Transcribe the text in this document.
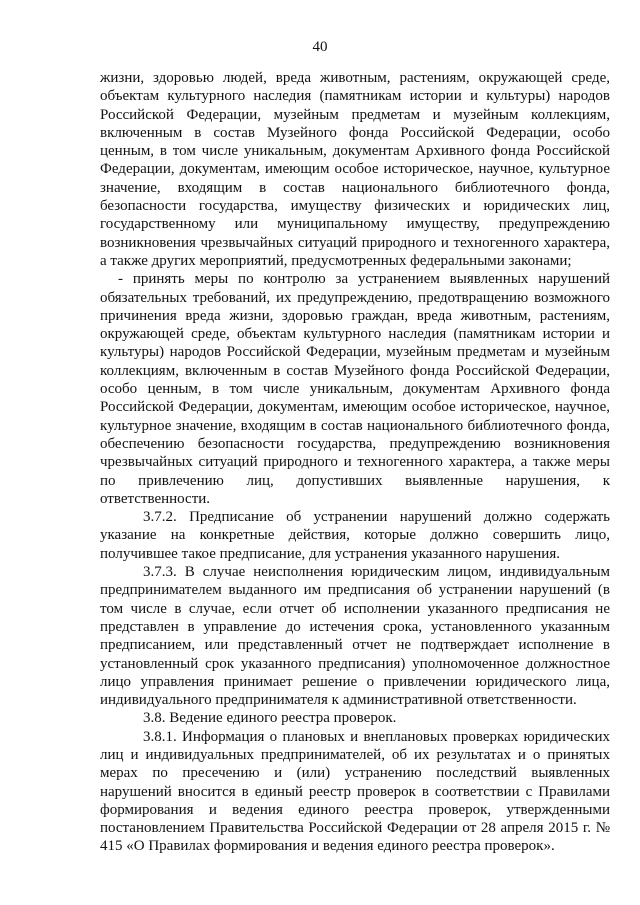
40

жизни, здоровью людей, вреда животным, растениям, окружающей среде, объектам культурного наследия (памятникам истории и культуры) народов Российской Федерации, музейным предметам и музейным коллекциям, включенным в состав Музейного фонда Российской Федерации, особо ценным, в том числе уникальным, документам Архивного фонда Российской Федерации, документам, имеющим особое историческое, научное, культурное значение, входящим в состав национального библиотечного фонда, безопасности государства, имуществу физических и юридических лиц, государственному или муниципальному имуществу, предупреждению возникновения чрезвычайных ситуаций природного и техногенного характера, а также других мероприятий, предусмотренных федеральными законами;

- принять меры по контролю за устранением выявленных нарушений обязательных требований, их предупреждению, предотвращению возможного причинения вреда жизни, здоровью граждан, вреда животным, растениям, окружающей среде, объектам культурного наследия (памятникам истории и культуры) народов Российской Федерации, музейным предметам и музейным коллекциям, включенным в состав Музейного фонда Российской Федерации, особо ценным, в том числе уникальным, документам Архивного фонда Российской Федерации, документам, имеющим особое историческое, научное, культурное значение, входящим в состав национального библиотечного фонда, обеспечению безопасности государства, предупреждению возникновения чрезвычайных ситуаций природного и техногенного характера, а также меры по привлечению лиц, допустивших выявленные нарушения, к ответственности.

3.7.2. Предписание об устранении нарушений должно содержать указание на конкретные действия, которые должно совершить лицо, получившее такое предписание, для устранения указанного нарушения.

3.7.3. В случае неисполнения юридическим лицом, индивидуальным предпринимателем выданного им предписания об устранении нарушений (в том числе в случае, если отчет об исполнении указанного предписания не представлен в управление до истечения срока, установленного указанным предписанием, или представленный отчет не подтверждает исполнение в установленный срок указанного предписания) уполномоченное должностное лицо управления принимает решение о привлечении юридического лица, индивидуального предпринимателя к административной ответственности.

3.8. Ведение единого реестра проверок.

3.8.1. Информация о плановых и внеплановых проверках юридических лиц и индивидуальных предпринимателей, об их результатах и о принятых мерах по пресечению и (или) устранению последствий выявленных нарушений вносится в единый реестр проверок в соответствии с Правилами формирования и ведения единого реестра проверок, утвержденными постановлением Правительства Российской Федерации от 28 апреля 2015 г. № 415 «О Правилах формирования и ведения единого реестра проверок».
